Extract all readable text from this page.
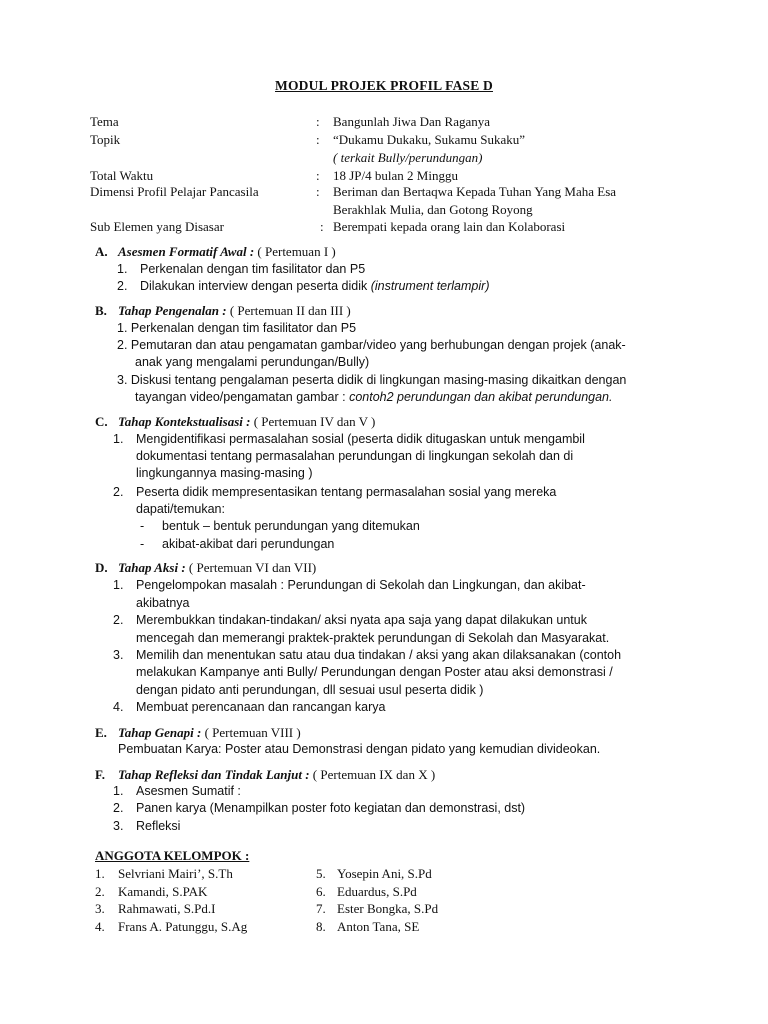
MODUL PROJEK PROFIL FASE D
Tema	: Bangunlah Jiwa Dan Raganya
Topik	: “Dukamu Dukaku, Sukamu Sukaku”
( terkait Bully/perundungan)
Total Waktu	: 18 JP/4 bulan 2 Minggu
Dimensi Profil Pelajar Pancasila	: Beriman dan Bertaqwa Kepada Tuhan Yang Maha Esa
Berakhlak Mulia, dan Gotong Royong
Sub Elemen yang Disasar	: Berempati kepada orang lain dan Kolaborasi
A. Asesmen Formatif Awal : ( Pertemuan I )
1. Perkenalan dengan tim fasilitator dan P5
2. Dilakukan interview dengan peserta didik (instrument terlampir)
B. Tahap Pengenalan : ( Pertemuan II dan III )
1. Perkenalan dengan tim fasilitator dan P5
2. Pemutaran dan atau pengamatan gambar/video yang berhubungan dengan projek (anak-
anak yang mengalami perundungan/Bully)
3. Diskusi tentang pengalaman peserta didik di lingkungan masing-masing dikaitkan dengan
tayangan video/pengamatan gambar : contoh2 perundungan dan akibat perundungan.
C. Tahap Kontekstualisasi : ( Pertemuan IV dan V )
1. Mengidentifikasi permasalahan sosial (peserta didik ditugaskan untuk mengambil
dokumentasi tentang permasalahan perundungan di lingkungan sekolah dan di
lingkungannya masing-masing )
2. Peserta didik mempresentasikan tentang permasalahan sosial yang mereka
dapati/temukan:
- bentuk – bentuk perundungan yang ditemukan
- akibat-akibat dari perundungan
D. Tahap Aksi : ( Pertemuan VI dan VII)
1. Pengelompokan masalah : Perundungan di Sekolah dan Lingkungan, dan akibat-
akibatnya
2. Merembukkan tindakan-tindakan/ aksi nyata apa saja yang dapat dilakukan untuk
mencegah dan memerangi praktek-praktek perundungan di Sekolah dan Masyarakat.
3. Memilih dan menentukan satu atau dua tindakan / aksi yang akan dilaksanakan (contoh
melakukan Kampanye anti Bully/ Perundungan dengan Poster atau aksi demonstrasi /
dengan pidato anti perundungan, dll sesuai usul peserta didik )
4. Membuat perencanaan dan rancangan karya
E. Tahap Genapi : ( Pertemuan VIII )
Pembuatan Karya: Poster atau Demonstrasi dengan pidato yang kemudian divideokan.
F. Tahap Refleksi dan Tindak Lanjut : ( Pertemuan IX dan X )
1. Asesmen Sumatif :
2. Panen karya (Menampilkan poster foto kegiatan dan demonstrasi, dst)
3. Refleksi
ANGGOTA KELOMPOK :
1. Selvriani Mairi’, S.Th
2. Kamandi, S.PAK
3. Rahmawati, S.Pd.I
4. Frans A. Patunggu, S.Ag
5. Yosepin Ani, S.Pd
6. Eduardus, S.Pd
7. Ester Bongka, S.Pd
8. Anton Tana, SE
